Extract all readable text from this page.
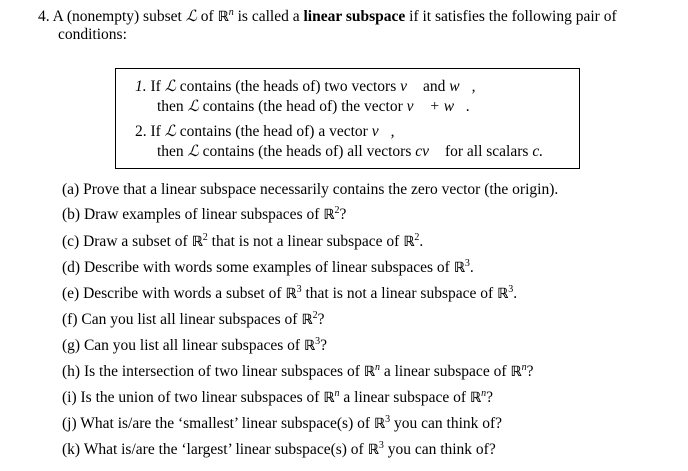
4. A (nonempty) subset ℒ of ℝ$^n$ is called a linear subspace if it satisfies the following pair of
conditions:
1. If ℒ contains (the heads of) two vectors v⃗ and w⃗,
then ℒ contains (the head of) the vector v⃗ + w⃗.
2. If ℒ contains (the head of) a vector v⃗,
then ℒ contains (the heads of) all vectors cv⃗ for all scalars c.
(a) Prove that a linear subspace necessarily contains the zero vector (the origin).
(b) Draw examples of linear subspaces of ℝ$^2$?
(c) Draw a subset of ℝ$^2$ that is not a linear subspace of ℝ$^2$.
(d) Describe with words some examples of linear subspaces of ℝ$^3$.
(e) Describe with words a subset of ℝ$^3$ that is not a linear subspace of ℝ$^3$.
(f) Can you list all linear subspaces of ℝ$^2$?
(g) Can you list all linear subspaces of ℝ$^3$?
(h) Is the intersection of two linear subspaces of ℝ$^n$ a linear subspace of ℝ$^n$?
(i) Is the union of two linear subspaces of ℝ$^n$ a linear subspace of ℝ$^n$?
(j) What is/are the ‘smallest’ linear subspace(s) of ℝ$^3$ you can think of?
(k) What is/are the ‘largest’ linear subspace(s) of ℝ$^3$ you can think of?
